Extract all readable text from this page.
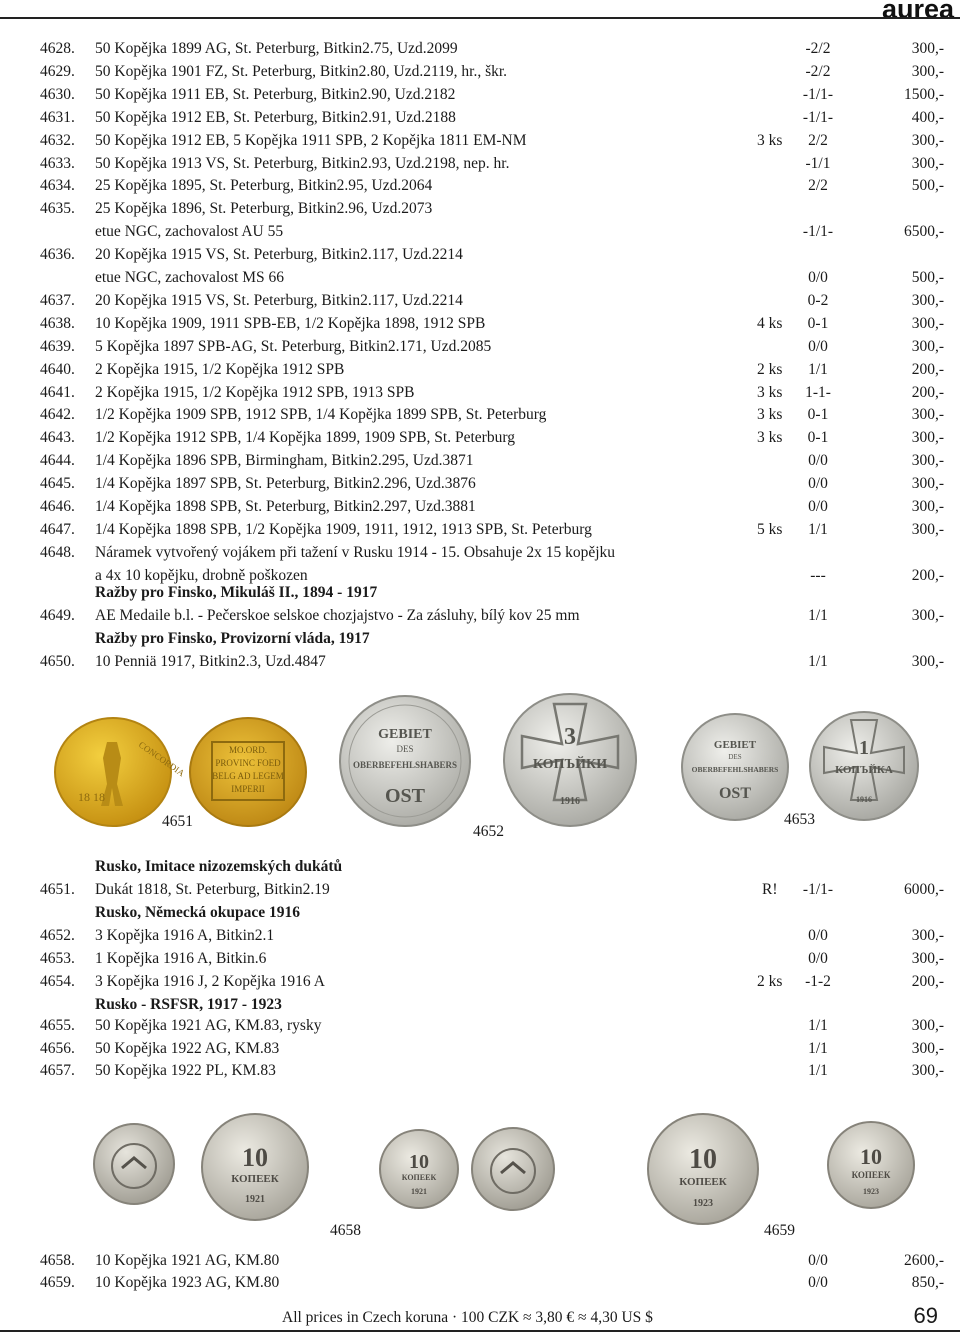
aurea
4628. 50 Kopějka 1899 AG, St. Peterburg, Bitkin2.75, Uzd.2099	-2/2	300,-
4629. 50 Kopějka 1901 FZ, St. Peterburg, Bitkin2.80, Uzd.2119, hr., škr.	-2/2	300,-
4630. 50 Kopějka 1911 EB, St. Peterburg, Bitkin2.90, Uzd.2182	-1/1-	1500,-
4631. 50 Kopějka 1912 EB, St. Peterburg, Bitkin2.91, Uzd.2188	-1/1-	400,-
4632. 50 Kopějka 1912 EB, 5 Kopějka 1911 SPB, 2 Kopějka 1811 EM-NM	3 ks	2/2	300,-
4633. 50 Kopějka 1913 VS, St. Peterburg, Bitkin2.93, Uzd.2198, nep. hr.	-1/1	300,-
4634. 25 Kopějka 1895, St. Peterburg, Bitkin2.95, Uzd.2064	2/2	500,-
4635. 25 Kopějka 1896, St. Peterburg, Bitkin2.96, Uzd.2073
etue NGC, zachovalost AU 55	-1/1-	6500,-
4636. 20 Kopějka 1915 VS, St. Peterburg, Bitkin2.117, Uzd.2214
etue NGC, zachovalost MS 66	0/0	500,-
4637. 20 Kopějka 1915 VS, St. Peterburg, Bitkin2.117, Uzd.2214	0-2	300,-
4638. 10 Kopějka 1909, 1911 SPB-EB, 1/2 Kopějka 1898, 1912 SPB	4 ks	0-1	300,-
4639. 5 Kopějka 1897 SPB-AG, St. Peterburg, Bitkin2.171, Uzd.2085	0/0	300,-
4640. 2 Kopějka 1915, 1/2 Kopějka 1912 SPB	2 ks	1/1	200,-
4641. 2 Kopějka 1915, 1/2 Kopějka 1912 SPB, 1913 SPB	3 ks	1-1-	200,-
4642. 1/2 Kopějka 1909 SPB, 1912 SPB, 1/4 Kopějka 1899 SPB, St. Peterburg	3 ks	0-1	300,-
4643. 1/2 Kopějka 1912 SPB, 1/4 Kopějka 1899, 1909 SPB, St. Peterburg	3 ks	0-1	300,-
4644. 1/4 Kopějka 1896 SPB, Birmingham, Bitkin2.295, Uzd.3871	0/0	300,-
4645. 1/4 Kopějka 1897 SPB, St. Peterburg, Bitkin2.296, Uzd.3876	0/0	300,-
4646. 1/4 Kopějka 1898 SPB, St. Peterburg, Bitkin2.297, Uzd.3881	0/0	300,-
4647. 1/4 Kopějka 1898 SPB, 1/2 Kopějka 1909, 1911, 1912, 1913 SPB, St. Peterburg	5 ks	1/1	300,-
4648. Náramek vytvořený vojákem při tažení v Rusku 1914 - 15. Obsahuje 2x 15 kopějku
a 4x 10 kopějku, drobně poškozen	---	200,-
Ražby pro Finsko, Mikuláš II., 1894 - 1917
4649. AE Medaile b.l. - Pečerskoe selskoe chozjajstvo - Za zásluhy, bílý kov 25 mm	1/1	300,-
Ražby pro Finsko, Provizorní vláda, 1917
4650. 10 Penniä 1917, Bitkin2.3, Uzd.4847	1/1	300,-
CONCORDIA
18 18
MO.ORD. PROVINC FOED BELG AD LEGEM IMPERII
4651
GEBIET
DES
OBERBEFEHLSHABERS
OST
3
КОПЪЙКИ
1916
4652
GEBIET
DES
OBERBEFEHLSHABERS
OST
1
КОПЪЙКА
1916
4653
Rusko, Imitace nizozemských dukátů
4651. Dukát 1818, St. Peterburg, Bitkin2.19	R!	-1/1-	6000,-
Rusko, Německá okupace 1916
4652. 3 Kopějka 1916 A, Bitkin2.1	0/0	300,-
4653. 1 Kopějka 1916 A, Bitkin.6	0/0	300,-
4654. 3 Kopějka 1916 J, 2 Kopějka 1916 A	2 ks	-1-2	200,-
Rusko - RSFSR, 1917 - 1923
4655. 50 Kopějka 1921 AG, KM.83, rysky	1/1	300,-
4656. 50 Kopějka 1922 AG, KM.83	1/1	300,-
4657. 50 Kopějka 1922 PL, KM.83	1/1	300,-
10
КОПЕЕК
1921
4658
10
КОПЕЕК
1921
10
КОПЕЕК
1923
10
КОПЕЕК
1923
4659
4658. 10 Kopějka 1921 AG, KM.80	0/0	2600,-
4659. 10 Kopějka 1923 AG, KM.80	0/0	850,-
All prices in Czech koruna · 100 CZK ≈ 3,80 € ≈ 4,30 US $	69
